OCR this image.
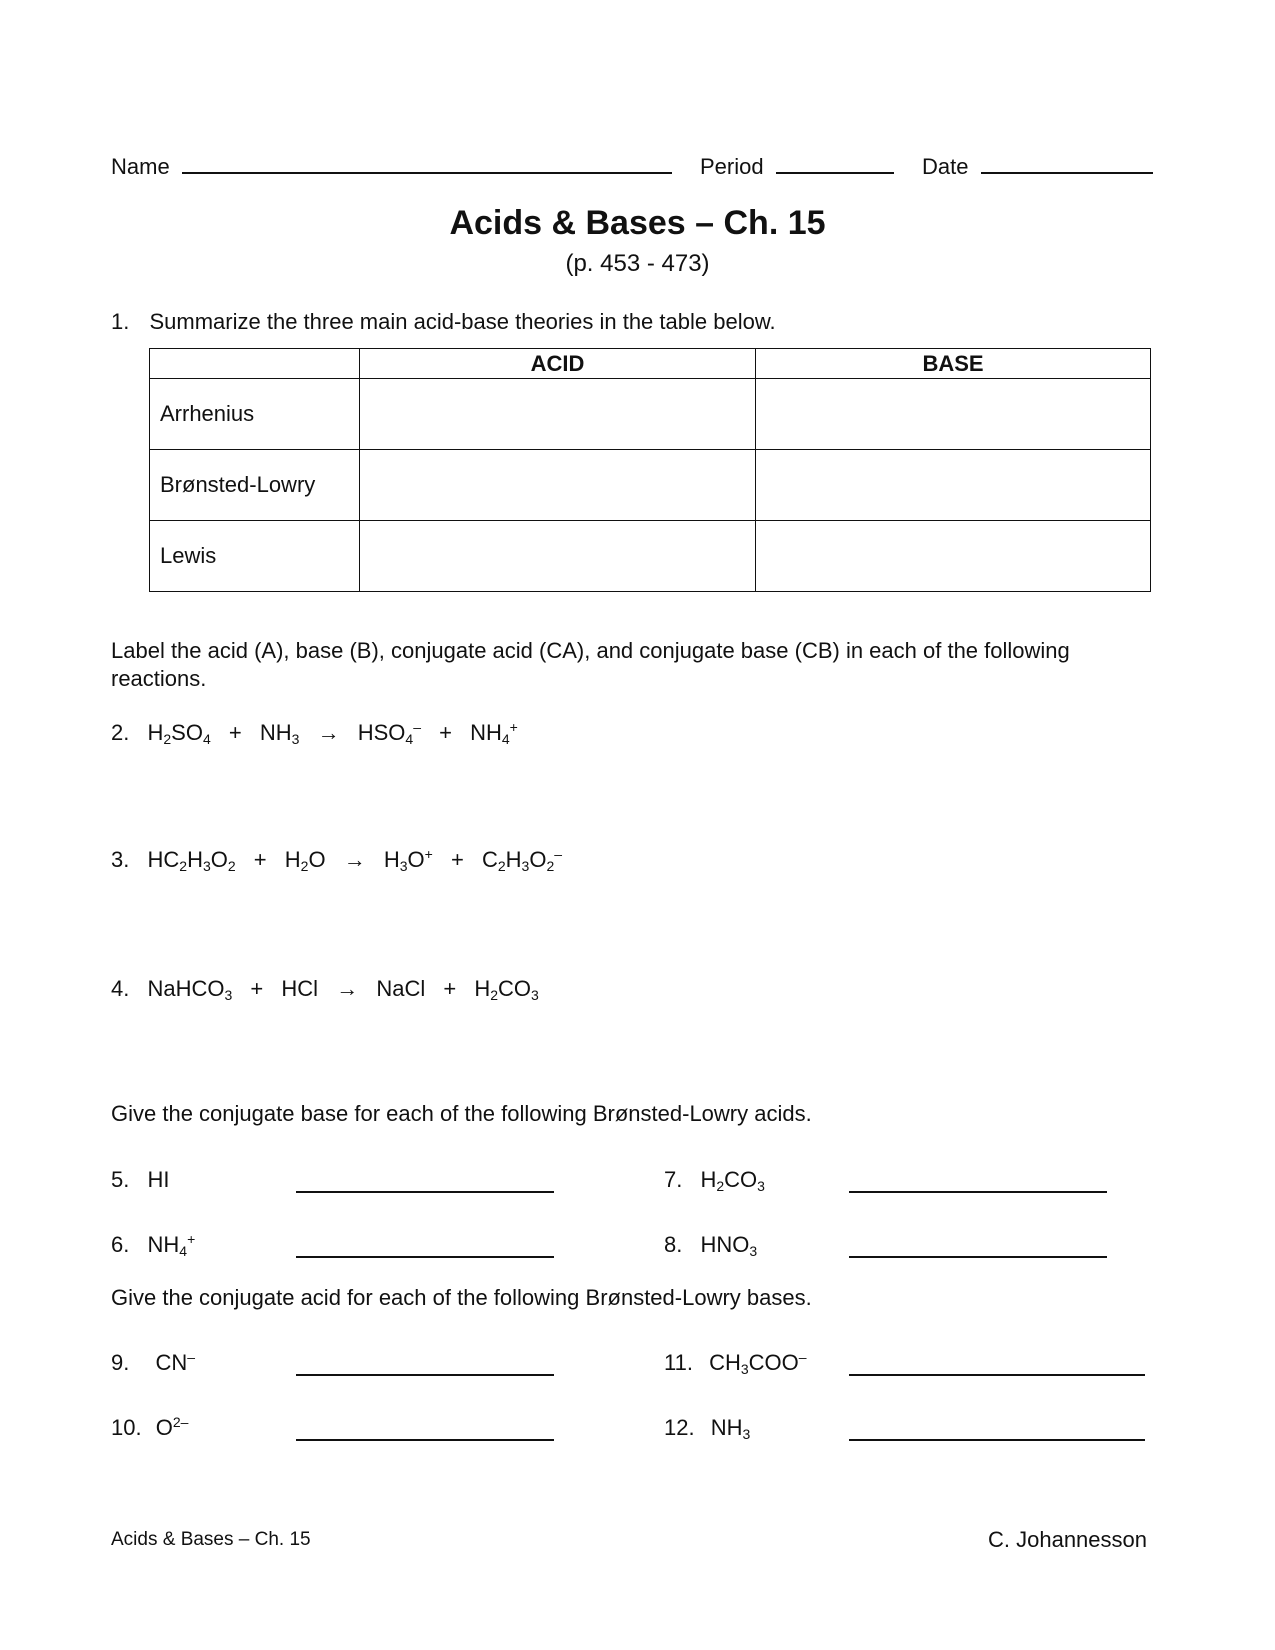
Name	Period	Date
Acids & Bases – Ch. 15
(p. 453 - 473)
1. Summarize the three main acid-base theories in the table below.
	ACID	BASE
Arrhenius		
Brønsted-Lowry		
Lewis		
Label the acid (A), base (B), conjugate acid (CA), and conjugate base (CB) in each of the following reactions.
2. $H_2SO_4 + NH_3 \to HSO_4^- + NH_4^+$
3. $HC_2H_3O_2 + H_2O \to H_3O^+ + C_2H_3O_2^-$
4. NaHCO$_3$ + HCl → NaCl + $H_2CO_3$
Give the conjugate base for each of the following Brønsted-Lowry acids.
5. HI	7. $H_2CO_3$
6. $NH_4^+$	8. $HNO_3$
Give the conjugate acid for each of the following Brønsted-Lowry bases.
9. CN–	11. $CH_3COO^-$
10. $O^{2-}$	12. $NH_3$
Acids & Bases – Ch. 15	C. Johannesson
